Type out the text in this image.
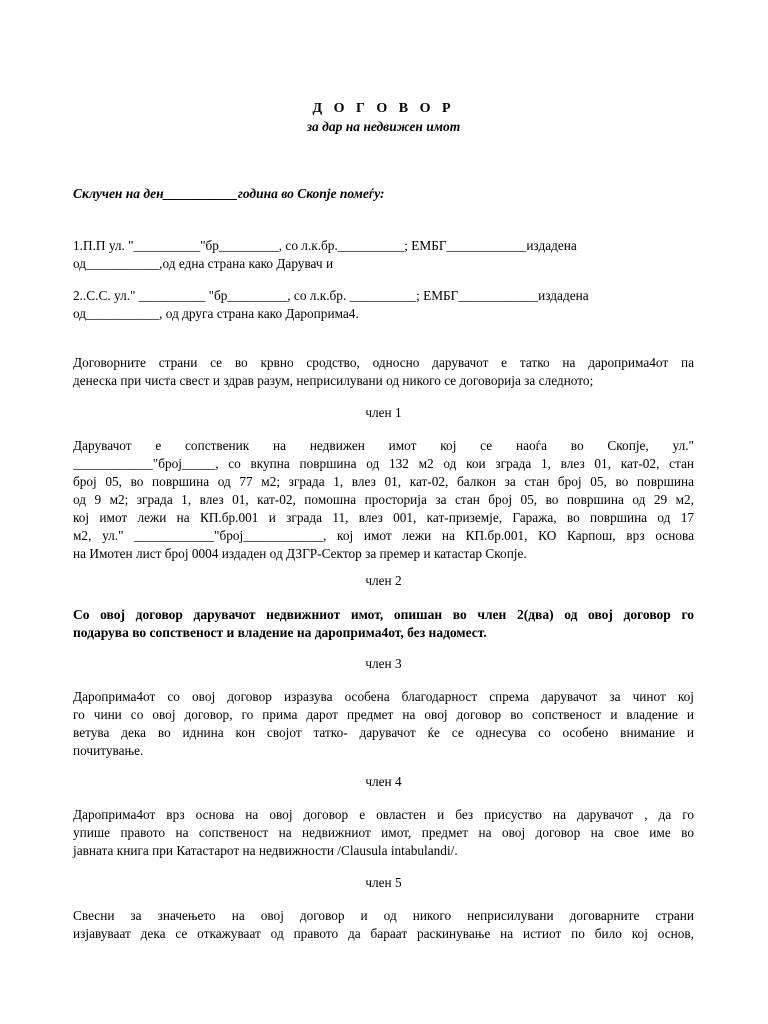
Д О Г О В О Р
за дар на недвижен имот
Склучен на ден___________година во Скопје помеѓу:
1.П.П ул. "__________"бр_________, со л.к.бр.__________; ЕМБГ____________издадена
од___________,од една страна како Дарувач и
2..С.С. ул." __________ "бр_________, со л.к.бр. __________; ЕМБГ____________издадена
од___________, од друга страна како Дароприма4.
Договорните страни се во крвно сродство, односно дарувачот е татко на дароприма4от па
денеска при чиста свест и здрав разум, неприсилувани од никого се договорија за следното;
член 1
Дарувачот е сопственик на недвижен имот кој се наоѓа во Скопје, ул."
____________"број_____, со вкупна површина од 132 м2 од кои зграда 1, влез 01, кат-02, стан
број 05, во површина од 77 м2; зграда 1, влез 01, кат-02, балкон за стан број 05, во површина
од 9 м2; зграда 1, влез 01, кат-02, помошна просторија за стан број 05, во површина од 29 м2,
кој имот лежи на КП.бр.001 и зграда 11, влез 001, кат-приземје, Гаража, во површина од 17
м2, ул." ____________"број____________, кој имот лежи на КП.бр.001, КО Карпош, врз основа
на Имотен лист број 0004 издаден од ДЗГР-Сектор за премер и катастар Скопје.
член 2
Со овој договор дарувачот недвижниот имот, опишан во член 2(два) од овој договор го
подарува во сопственост и владение на дароприма4от, без надомест.
член 3
Дароприма4от со овој договор изразува особена благодарност спрема дарувачот за чинот кој
го чини со овој договор, го прима дарот предмет на овој договор во сопственост и владение и
ветува дека во иднина кон својот татко- дарувачот ќе се однесува со особено внимание и
почитување.
член 4
Дароприма4от врз основа на овој договор е овластен и без присуство на дарувачот , да го
упише правото на сопственост на недвижниот имот, предмет на овој договор на свое име во
јавната книга при Катастарот на недвижности /Clausula intabulandi/.
член 5
Свесни за значењето на овој договор и од никого неприсилувани договарните страни
изјавуваат дека се откажуваат од правото да бараат раскинување на истиот по било кој основ,
